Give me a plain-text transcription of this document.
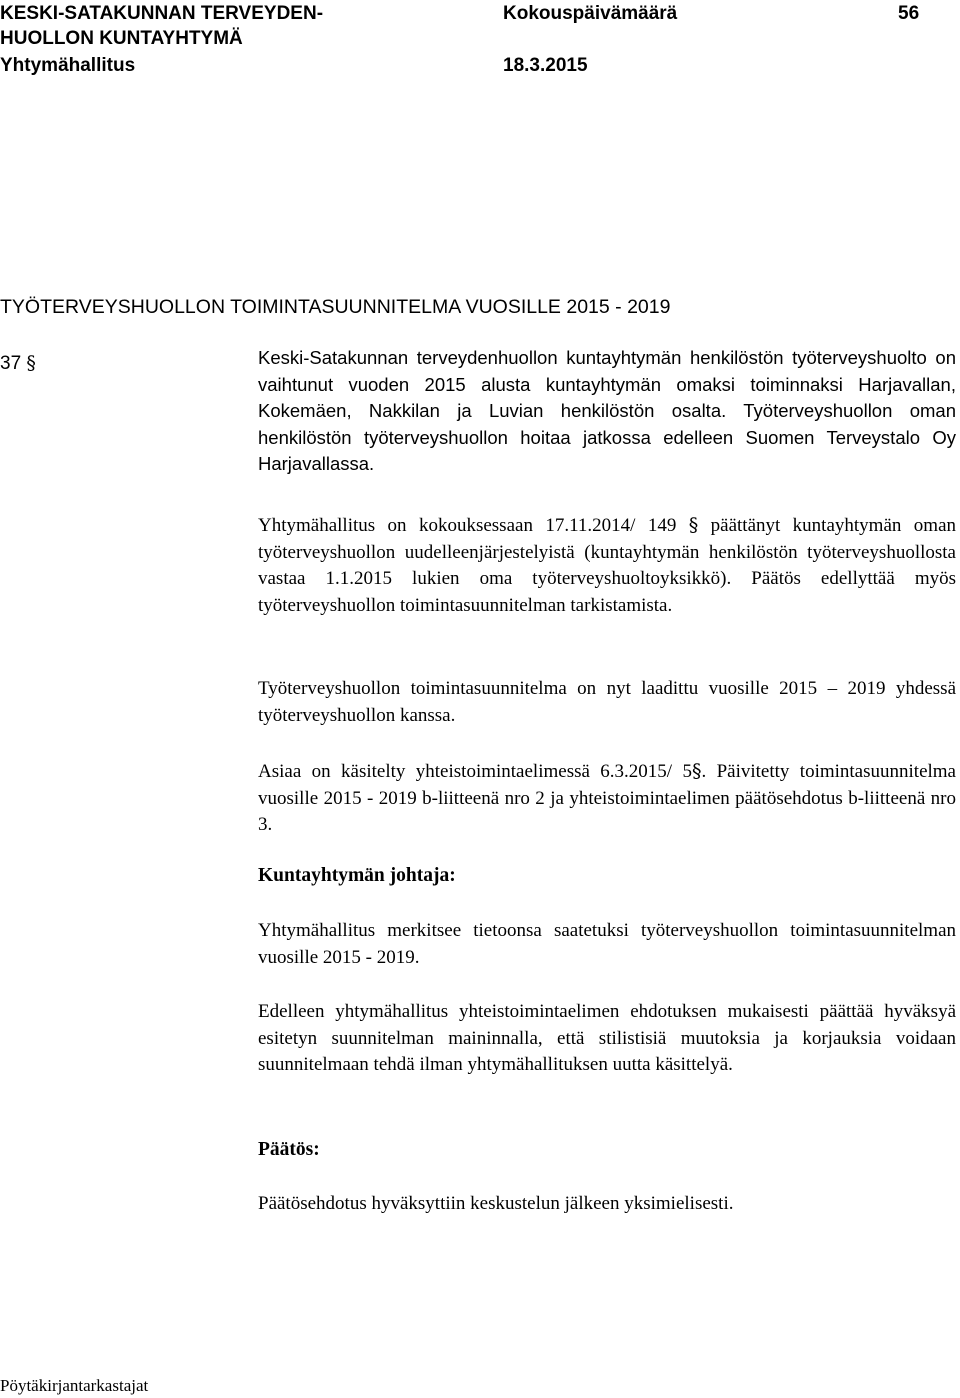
KESKI-SATAKUNNAN TERVEYDEN-
HUOLLON KUNTAYHTYMÄ
Yhtymähallitus
Kokouspäivämäärä
18.3.2015
56
TYÖTERVEYSHUOLLON TOIMINTASUUNNITELMA VUOSILLE 2015 - 2019
37 §	Keski-Satakunnan terveydenhuollon kuntayhtymän henkilöstön työterveyshuolto on vaihtunut vuoden 2015 alusta kuntayhtymän omaksi toiminnaksi Harjavallan, Kokemäen, Nakkilan ja Luvian henkilöstön osalta. Työterveyshuollon oman henkilöstön työterveyshuollon hoitaa jatkossa edelleen Suomen Terveystalo Oy Harjavallassa.
Yhtymähallitus on kokouksessaan 17.11.2014/ 149 § päättänyt kuntayhtymän oman työterveyshuollon uudelleenjärjestelyistä (kuntayhtymän henkilöstön työterveyshuollosta vastaa 1.1.2015 lukien oma työterveyshuoltoyksikkö). Päätös edellyttää myös työterveyshuollon toimintasuunnitelman tarkistamista.
Työterveyshuollon toimintasuunnitelma on nyt laadittu vuosille 2015 – 2019 yhdessä työterveyshuollon kanssa.
Asiaa on käsitelty yhteistoimintaelimessä 6.3.2015/ 5§. Päivitetty toimintasuunnitelma vuosille 2015 - 2019 b-liitteenä nro 2 ja yhteistoimintaelimen päätösehdotus b-liitteenä nro 3.
Kuntayhtymän johtaja:
Yhtymähallitus merkitsee tietoonsa saatetuksi työterveyshuollon toimintasuunnitelman vuosille 2015 - 2019.
Edelleen yhtymähallitus yhteistoimintaelimen ehdotuksen mukaisesti päättää hyväksyä esitetyn suunnitelman maininnalla, että stilistisiä muutoksia ja korjauksia voidaan suunnitelmaan tehdä ilman yhtymähallituksen uutta käsittelyä.
Päätös:
Päätösehdotus hyväksyttiin keskustelun jälkeen yksimielisesti.
Pöytäkirjantarkastajat
